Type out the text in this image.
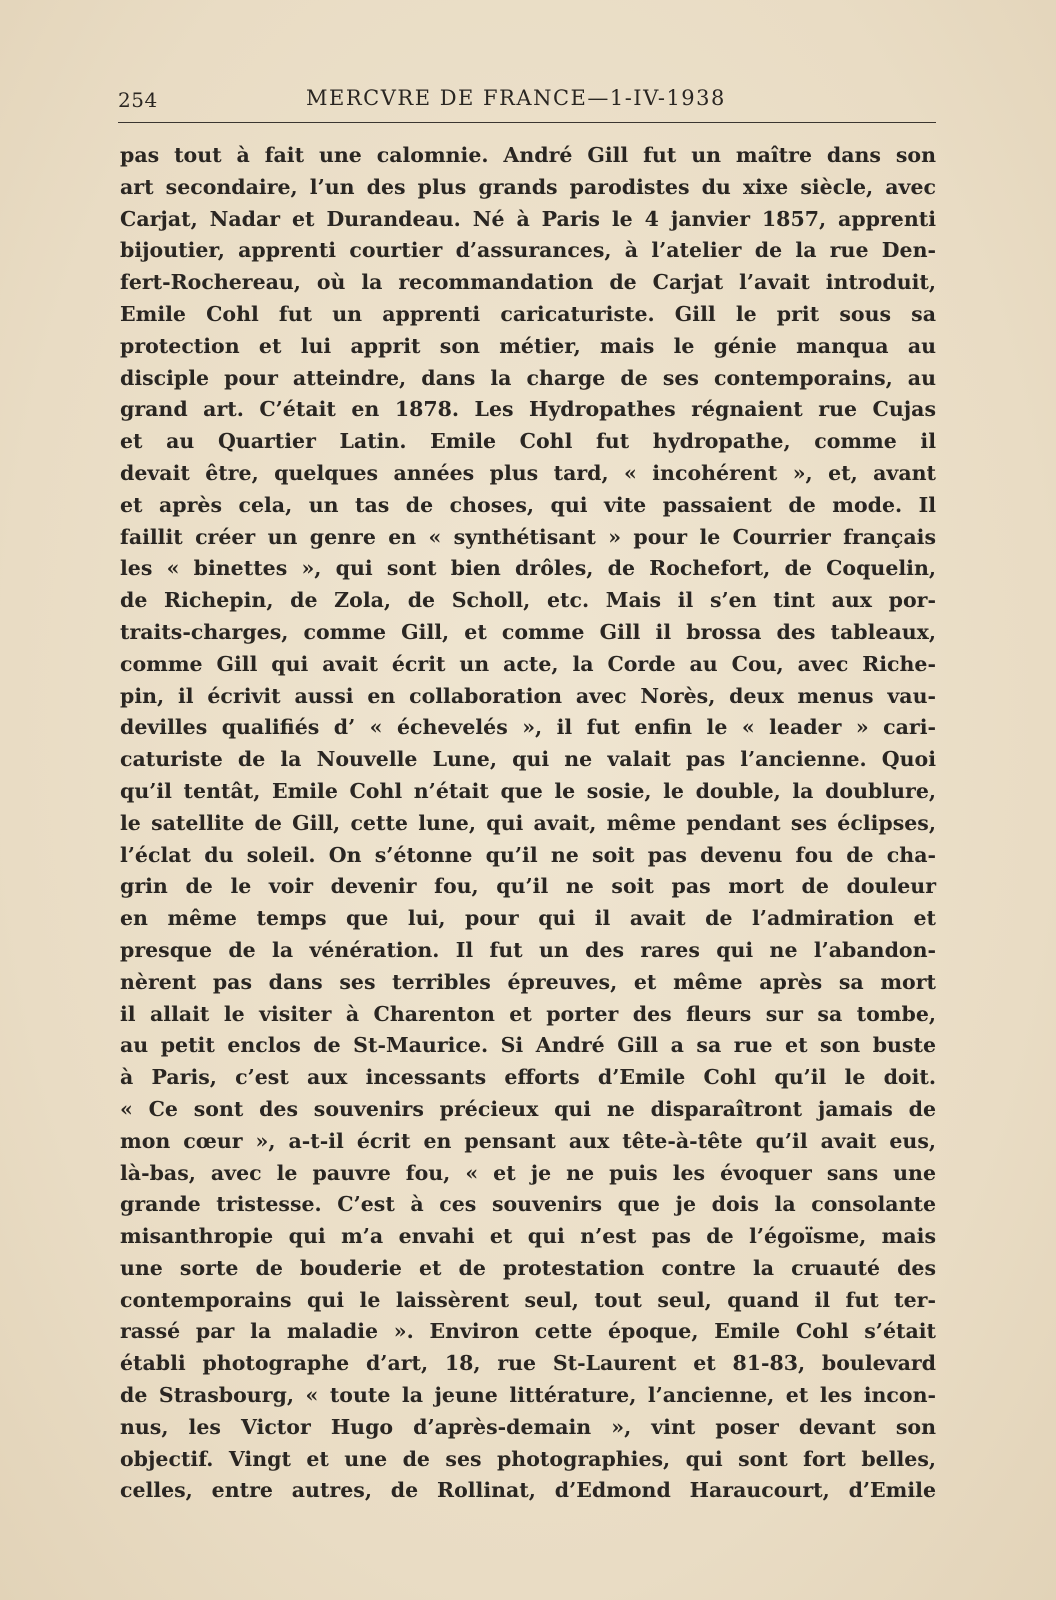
254	MERCVRE DE FRANCE—1-IV-1938
pas tout à fait une calomnie. André Gill fut un maître dans son
art secondaire, l’un des plus grands parodistes du xixe siècle, avec
Carjat, Nadar et Durandeau. Né à Paris le 4 janvier 1857, apprenti
bijoutier, apprenti courtier d’assurances, à l’atelier de la rue Den-
fert-Rochereau, où la recommandation de Carjat l’avait introduit,
Emile Cohl fut un apprenti caricaturiste. Gill le prit sous sa
protection et lui apprit son métier, mais le génie manqua au
disciple pour atteindre, dans la charge de ses contemporains, au
grand art. C’était en 1878. Les Hydropathes régnaient rue Cujas
et au Quartier Latin. Emile Cohl fut hydropathe, comme il
devait être, quelques années plus tard, « incohérent », et, avant
et après cela, un tas de choses, qui vite passaient de mode. Il
faillit créer un genre en « synthétisant » pour le Courrier français
les « binettes », qui sont bien drôles, de Rochefort, de Coquelin,
de Richepin, de Zola, de Scholl, etc. Mais il s’en tint aux por-
traits-charges, comme Gill, et comme Gill il brossa des tableaux,
comme Gill qui avait écrit un acte, la Corde au Cou, avec Riche-
pin, il écrivit aussi en collaboration avec Norès, deux menus vau-
devilles qualifiés d’ « échevelés », il fut enfin le « leader » cari-
caturiste de la Nouvelle Lune, qui ne valait pas l’ancienne. Quoi
qu’il tentât, Emile Cohl n’était que le sosie, le double, la doublure,
le satellite de Gill, cette lune, qui avait, même pendant ses éclipses,
l’éclat du soleil. On s’étonne qu’il ne soit pas devenu fou de cha-
grin de le voir devenir fou, qu’il ne soit pas mort de douleur
en même temps que lui, pour qui il avait de l’admiration et
presque de la vénération. Il fut un des rares qui ne l’abandon-
nèrent pas dans ses terribles épreuves, et même après sa mort
il allait le visiter à Charenton et porter des fleurs sur sa tombe,
au petit enclos de St-Maurice. Si André Gill a sa rue et son buste
à Paris, c’est aux incessants efforts d’Emile Cohl qu’il le doit.
« Ce sont des souvenirs précieux qui ne disparaîtront jamais de
mon cœur », a-t-il écrit en pensant aux tête-à-tête qu’il avait eus,
là-bas, avec le pauvre fou, « et je ne puis les évoquer sans une
grande tristesse. C’est à ces souvenirs que je dois la consolante
misanthropie qui m’a envahi et qui n’est pas de l’égoïsme, mais
une sorte de bouderie et de protestation contre la cruauté des
contemporains qui le laissèrent seul, tout seul, quand il fut ter-
rassé par la maladie ». Environ cette époque, Emile Cohl s’était
établi photographe d’art, 18, rue St-Laurent et 81-83, boulevard
de Strasbourg, « toute la jeune littérature, l’ancienne, et les incon-
nus, les Victor Hugo d’après-demain », vint poser devant son
objectif. Vingt et une de ses photographies, qui sont fort belles,
celles, entre autres, de Rollinat, d’Edmond Haraucourt, d’Emile
